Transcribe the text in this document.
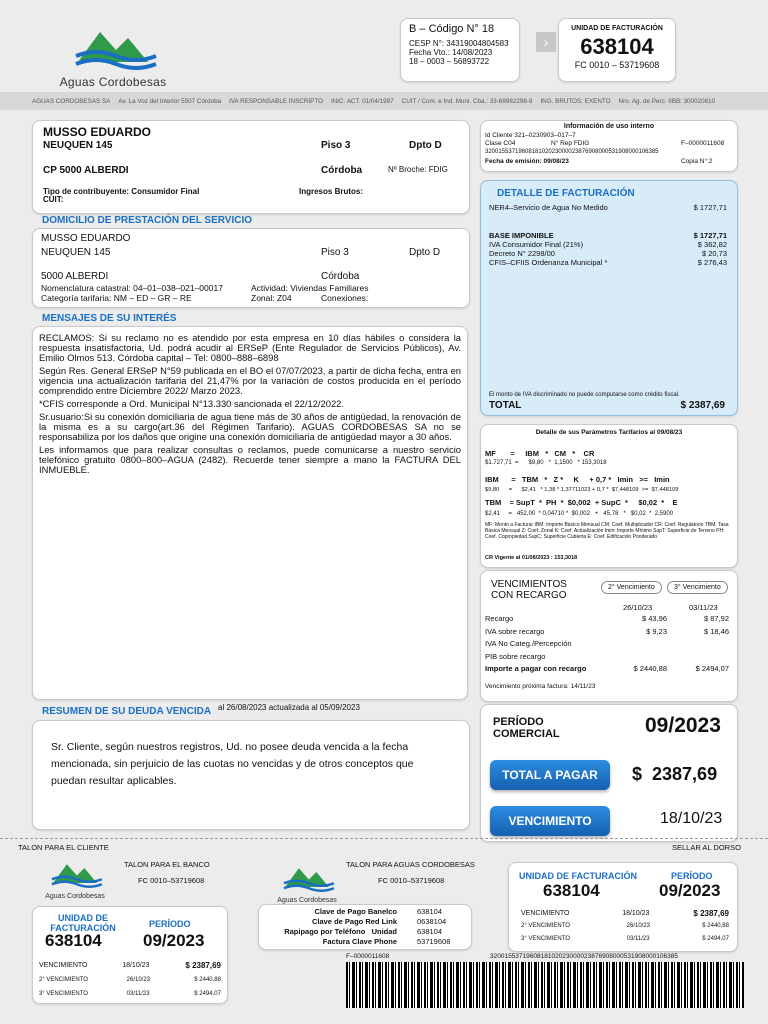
Aguas Cordobesas
B – Código N° 18
CESP N°: 34319004804583
Fecha Vto.: 14/08/2023
18 – 0003 – 56893722
›
UNIDAD DE FACTURACIÓN
638104
FC 0010 – 53719608
AGUAS CORDOBESAS SA Av. La Voz del Interior 5507 Córdoba IVA RESPONSABLE INSCRIPTO INIC. ACT. 01/04/1997 CUIT / Com. e Ind. Muni. Cba.: 33-69982298-9 ING. BRUTOS: EXENTO Nro. Ag. de Perc. IIBB: 300020810
MUSSO EDUARDO
NEUQUEN 145	Piso 3	Dpto D
CP 5000 ALBERDI	Córdoba	Nº Broche: FDIG
Tipo de contribuyente: Consumidor Final
CUIT:
Ingresos Brutos:
DOMICILIO DE PRESTACIÓN DEL SERVICIO
MUSSO EDUARDO
NEUQUEN 145	Piso 3	Dpto D
5000 ALBERDI	Córdoba
Nomenclatura catastral: 04–01–038–021–00017	Actividad: Viviendas Familiares
Categoría tarifaria: NM – ED – GR – RE	Zonal: Z04	Conexiones:
MENSAJES DE SU INTERÉS
RECLAMOS: Si su reclamo no es atendido por esta empresa en 10 días hábiles o considera la respuesta insatisfactoria, Ud. podrá acudir al ERSeP (Ente Regulador de Servicios Públicos), Av. Emilio Olmos 513. Córdoba capital – Tel: 0800–888–6898
Según Res. General ERSeP N°59 publicada en el BO el 07/07/2023, a partir de dicha fecha, entra en vigencia una actualización tarifaria del 21,47% por la variación de costos producida en el período comprendido entre Diciembre 2022/ Marzo 2023.
*CFIS corresponde a Ord. Municipal N°13.330 sancionada el 22/12/2022.
Sr.usuario:Si su conexión domiciliaria de agua tiene más de 30 años de antigüedad, la renovación de la misma es a su cargo(art.36 del Régimen Tarifario). AGUAS CORDOBESAS SA no se responsabiliza por los daños que origine una conexión domiciliaria de antigüedad mayor a 30 años.
Les informamos que para realizar consultas o reclamos, puede comunicarse a nuestro servicio telefónico gratuito 0800–800–AGUA (2482). Recuerde tener siempre a mano la FACTURA DEL INMUEBLE.
Información de uso interno
Id Cliente 321–0230903–017–7
Clase C04	N° Rep FDIG	F–0000011608
3200155371960818102023000023876908000531908000106385
Fecha de emisión: 09/08/23	Copia N°:2
DETALLE DE FACTURACIÓN
NER4–Servicio de Agua No Medido	$ 1727,71
BASE IMPONIBLE	$ 1727,71
IVA Consumidor Final (21%)	$ 362,82
Decreto N° 2298/00	$ 20,73
CFIS–CFIIS Ordenanza Municipal *	$ 276,43
El monto de IVA discriminado no puede computarse como crédito fiscal.
TOTAL	$ 2387,69
Detalle de sus Parámetros Tarifarios al 09/08/23
MF       =     IBM   *   CM   *    CR
$1.727,71  =      $9,80   *  1,1500   * 153,3018
IBM      =   TBM   *   Z *     K     + 0,7 *   Imin   >=   Imin
$9,80      =      $2,41   * 1,38 * 1,37711023 + 0,7 *  $7,448109  >=  $7,448109
TBM    = SupT  *  PH  *  $0,002  + SupC  *     $0,02  *    E
$2,41     =   452,00  * 0,04710 *  $0,002   +   45,78   *   $0,02  *  2,5900
MF: Monto a Facturar IBM: Importe Básico Mensual CM: Coef. Multiplicador CR: Coef. Regulatorio TBM: Tasa Básica Mensual Z: Coef. Zonal K: Coef. Actualización Imin: Importe Mínimo SupT: Superficie de Terreno PH: Coef. Copropiedad SupC: Superficie Cubierta E: Coef. Edificación Ponderado
CR Vigente al 01/08/2023 : 153,3018
VENCIMIENTOS CON RECARGO
2° Vencimiento	3° Vencimiento
26/10/23	03/11/23
Recargo	$ 43,96	$ 87,92
IVA sobre recargo	$ 9,23	$ 18,46
IVA No Categ./Percepción
PIB sobre recargo
Importe a pagar con recargo	$ 2440,88	$ 2494,07
Vencimiento próxima factura: 14/11/23
RESUMEN DE SU DEUDA VENCIDA al 26/08/2023 actualizada al 05/09/2023
Sr. Cliente, según nuestros registros, Ud. no posee deuda vencida a la fecha mencionada, sin perjuicio de las cuotas no vencidas y de otros conceptos que puedan resultar aplicables.
PERÍODO COMERCIAL	09/2023
TOTAL A PAGAR	$  2387,69
VENCIMIENTO	18/10/23
TALON PARA EL CLIENTE	SELLAR AL DORSO
Aguas Cordobesas
UNIDAD DE FACTURACIÓN
638104
PERÍODO
09/2023
VENCIMIENTO	18/10/23	$ 2387,69
2° VENCIMIENTO	26/10/23	$ 2440,88
3° VENCIMIENTO	03/11/23	$ 2494,07
TALON PARA EL BANCO
FC 0010–53719608
Aguas Cordobesas
TALON PARA AGUAS CORDOBESAS
FC 0010–53719608
Clave de Pago Banelco	638104
Clave de Pago Red Link	0638104
Rapipago por Teléfono   Unidad	638104
Factura Clave Phone	53719608
UNIDAD DE FACTURACIÓN
638104
PERÍODO
09/2023
VENCIMIENTO	18/10/23	$ 2387,69
2° VENCIMIENTO	26/10/23	$ 2440,88
3° VENCIMIENTO	03/11/23	$ 2494,07
F–0000011608	3200155371960818102023000023876908000531908000106385
